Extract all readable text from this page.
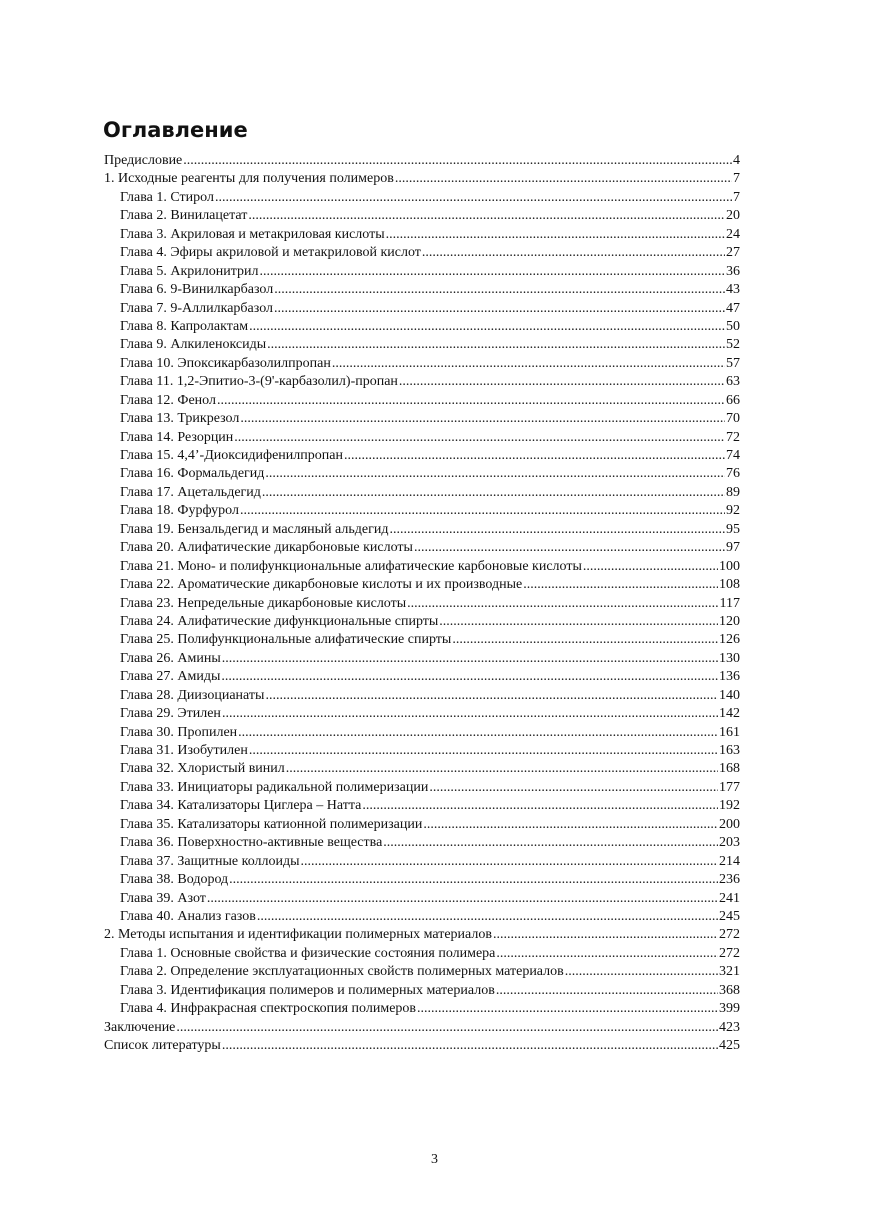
Оглавление
Предисловие .....	4
1. Исходные реагенты для получения полимеров .....	7
Глава 1. Стирол .....	7
Глава 2. Винилацетат .....	20
Глава 3. Акриловая и метакриловая кислоты .....	24
Глава 4. Эфиры акриловой и метакриловой кислот .....	27
Глава 5. Акрилонитрил .....	36
Глава 6. 9-Винилкарбазол .....	43
Глава 7. 9-Аллилкарбазол .....	47
Глава 8. Капролактам .....	50
Глава 9. Алкиленоксиды .....	52
Глава 10. Эпоксикарбазолилпропан .....	57
Глава 11. 1,2-Эпитио-3-(9'-карбазолил)-пропан .....	63
Глава 12. Фенол .....	66
Глава 13. Трикрезол .....	70
Глава 14. Резорцин .....	72
Глава 15. 4,4’-Диоксидифенилпропан .....	74
Глава 16. Формальдегид .....	76
Глава 17. Ацетальдегид .....	89
Глава 18. Фурфурол .....	92
Глава 19. Бензальдегид и масляный альдегид .....	95
Глава 20. Алифатические дикарбоновые кислоты .....	97
Глава 21. Моно- и полифункциональные алифатические карбоновые кислоты .....	100
Глава 22. Ароматические дикарбоновые кислоты и их производные .....	108
Глава 23. Непредельные дикарбоновые кислоты .....	117
Глава 24. Алифатические дифункциональные спирты .....	120
Глава 25. Полифункциональные алифатические спирты .....	126
Глава 26. Амины .....	130
Глава 27. Амиды .....	136
Глава 28. Диизоцианаты .....	140
Глава 29. Этилен .....	142
Глава 30. Пропилен .....	161
Глава 31. Изобутилен .....	163
Глава 32. Хлористый винил .....	168
Глава 33. Инициаторы радикальной полимеризации .....	177
Глава 34. Катализаторы Циглера – Натта .....	192
Глава 35. Катализаторы катионной полимеризации .....	200
Глава 36. Поверхностно-активные вещества .....	203
Глава 37. Защитные коллоиды .....	214
Глава 38. Водород .....	236
Глава 39. Азот .....	241
Глава 40. Анализ газов .....	245
2. Методы испытания и идентификации полимерных материалов .....	272
Глава 1. Основные свойства и физические состояния полимера .....	272
Глава 2. Определение эксплуатационных свойств полимерных материалов .....	321
Глава 3. Идентификация полимеров и полимерных материалов .....	368
Глава 4. Инфракрасная спектроскопия полимеров .....	399
Заключение .....	423
Список литературы .....	425
3
